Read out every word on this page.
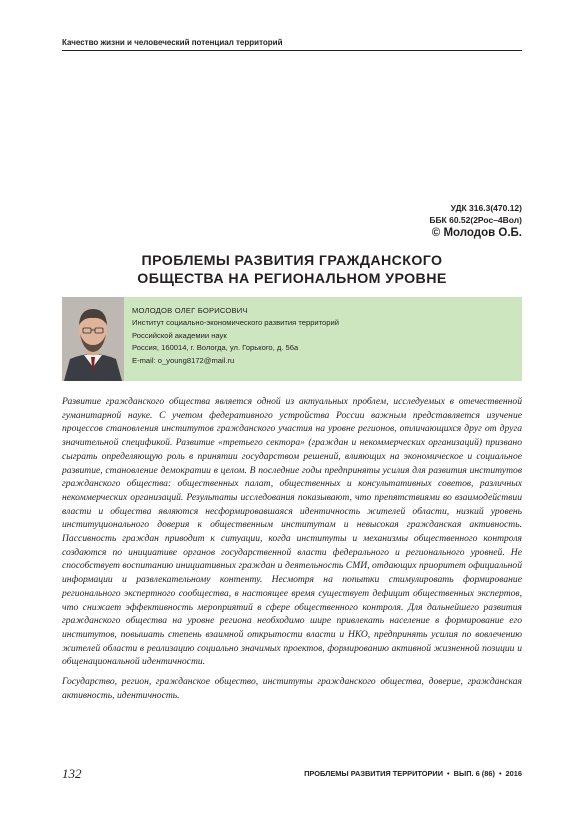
Качество жизни и человеческий потенциал территорий
УДК 316.3(470.12)
ББК 60.52(2Рос–4Вол)
© Молодов О.Б.
ПРОБЛЕМЫ РАЗВИТИЯ ГРАЖДАНСКОГО
ОБЩЕСТВА НА РЕГИОНАЛЬНОМ УРОВНЕ
МОЛОДОВ ОЛЕГ БОРИСОВИЧ
Институт социально-экономического развития территорий
Российской академии наук
Россия, 160014, г. Вологда, ул. Горького, д. 56а
E-mail: o_young8172@mail.ru

Развитие гражданского общества является одной из актуальных проблем, исследуемых в отечественной гуманитарной науке. С учетом федеративного устройства России важным представляется изучение процессов становления институтов гражданского участия на уровне регионов, отличающихся друг от друга значительной спецификой. Развитие «третьего сектора» (граждан и некоммерческих организаций) призвано сыграть определяющую роль в принятии государством решений, влияющих на экономическое и социальное развитие, становление демократии в целом. В последние годы предприняты усилия для развития институтов гражданского общества: общественных палат, общественных и консультативных советов, различных некоммерческих организаций. Результаты исследования показывают, что препятствиями во взаимодействии власти и общества являются несформировавшаяся идентичность жителей области, низкий уровень институционального доверия к общественным институтам и невысокая гражданская активность. Пассивность граждан приводит к ситуации, когда институты и механизмы общественного контроля создаются по инициативе органов государственной власти федерального и регионального уровней. Не способствует воспитанию инициативных граждан и деятельность СМИ, отдающих приоритет официальной информации и развлекательному контенту. Несмотря на попытки стимулировать формирование регионального экспертного сообщества, в настоящее время существует дефицит общественных экспертов, что снижает эффективность мероприятий в сфере общественного контроля. Для дальнейшего развития гражданского общества на уровне региона необходимо шире привлекать население в формирование его институтов, повышать степень взаимной открытости власти и НКО, предпринять усилия по вовлечению жителей области в реализацию социально значимых проектов, формированию активной жизненной позиции и общенациональной идентичности.

Государство, регион, гражданское общество, институты гражданского общества, доверие, гражданская активность, идентичность.

132	ПРОБЛЕМЫ РАЗВИТИЯ ТЕРРИТОРИИ • ВЫП. 6 (86) • 2016
